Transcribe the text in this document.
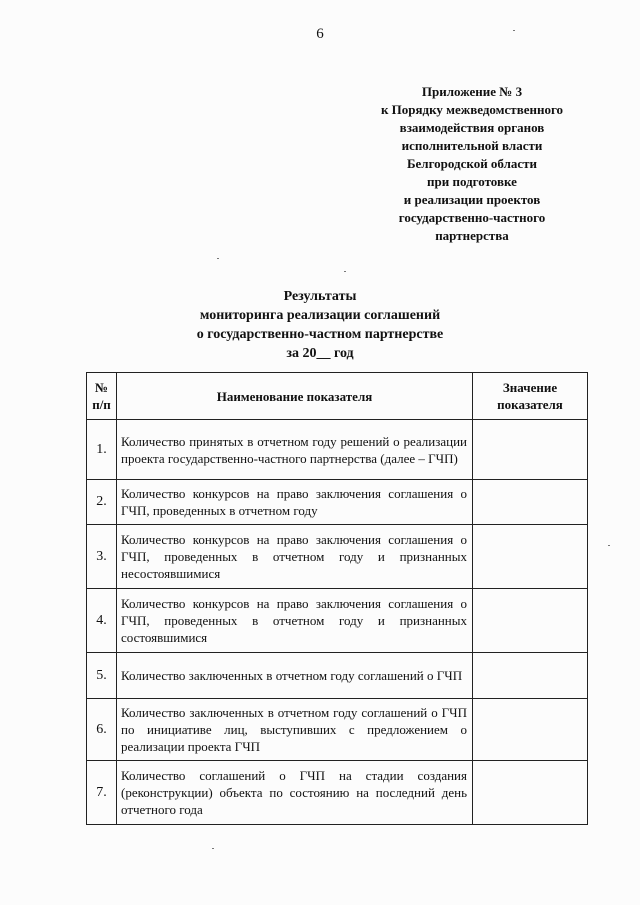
6
Приложение № 3
к Порядку межведомственного
взаимодействия органов
исполнительной власти
Белгородской области
при подготовке
и реализации проектов
государственно-частного
партнерства
Результаты
мониторинга реализации соглашений
о государственно-частном партнерстве
за 20__ год
№ п/п	Наименование показателя	Значение показателя
1.	Количество принятых в отчетном году решений о реализации проекта государственно-частного партнерства (далее – ГЧП)	
2.	Количество конкурсов на право заключения соглашения о ГЧП, проведенных в отчетном году	
3.	Количество конкурсов на право заключения соглашения о ГЧП, проведенных в отчетном году и признанных несостоявшимися	
4.	Количество конкурсов на право заключения соглашения о ГЧП, проведенных в отчетном году и признанных состоявшимися	
5.	Количество заключенных в отчетном году соглашений о ГЧП	
6.	Количество заключенных в отчетном году соглашений о ГЧП по инициативе лиц, выступивших с предложением о реализации проекта ГЧП	
7.	Количество соглашений о ГЧП на стадии создания (реконструкции) объекта по состоянию на последний день отчетного года	
